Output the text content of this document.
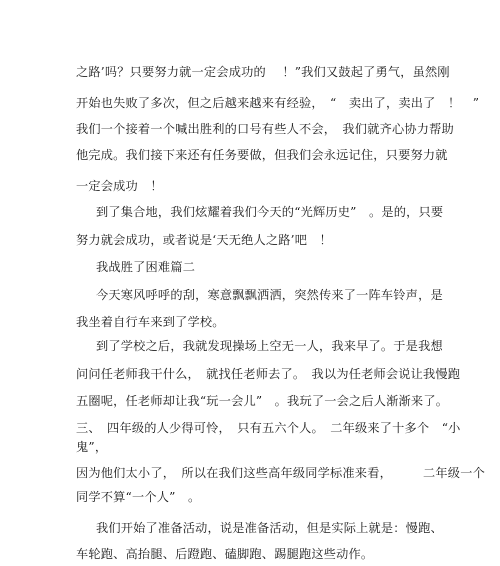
之路’吗？只要努力就一定会成功的　 ！”我们又鼓起了勇气，虽然刚
开始也失败了多次，但之后越来越来有经验，　“　卖出了，卖出了　！　”
我们一个接着一个喊出胜利的口号有些人不会，　我们就齐心协力帮助
他完成。我们接下来还有任务要做，但我们会永远记住，只要努力就
一定会成功　！
到了集合地，我们炫耀着我们今天的“光辉历史”　。是的，只要
努力就会成功，或者说是‘天无绝人之路’吧　！
我战胜了困难篇二
今天寒风呼呼的刮，寒意飘飘洒洒，突然传来了一阵车铃声，是
我坐着自行车来到了学校。
到了学校之后，我就发现操场上空无一人，我来早了。于是我想
问问任老师我干什么，　就找任老师去了。　我以为任老师会说让我慢跑
五圈呢，任老师却让我“玩一会儿”　。我玩了一会之后人渐渐来了。
三、　四年级的人少得可怜，　只有五六个人。　二年级来了十多个　“小
鬼”，
因为他们太小了，　所以在我们这些高年级同学标准来看，　　　二年级一个
同学不算“一个人”　。
我们开始了准备活动，说是准备活动，但是实际上就是：慢跑、
车轮跑、高抬腿、后蹬跑、磕脚跑、踢腿跑这些动作。
